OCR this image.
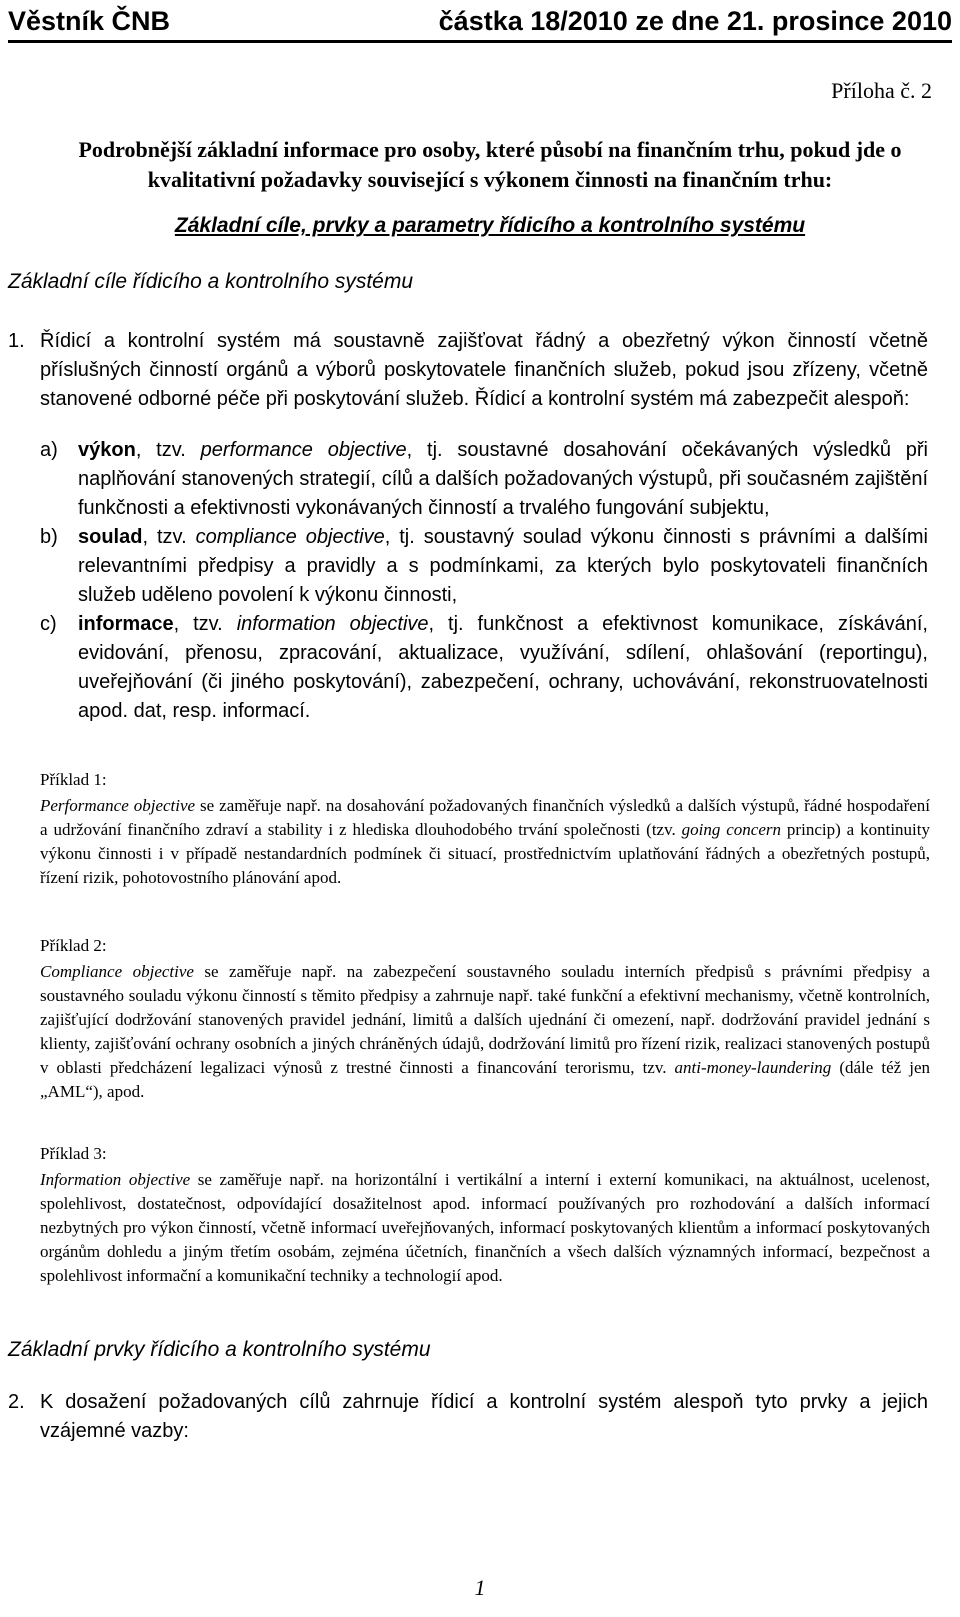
Věstník ČNB	částka 18/2010 ze dne 21. prosince 2010
Příloha č. 2
Podrobnější základní informace pro osoby, které působí na finančním trhu, pokud jde o kvalitativní požadavky související s výkonem činnosti na finančním trhu:
Základní cíle, prvky a parametry řídicího a kontrolního systému
Základní cíle řídicího a kontrolního systému
1. Řídicí a kontrolní systém má soustavně zajišťovat řádný a obezřetný výkon činností včetně příslušných činností orgánů a výborů poskytovatele finančních služeb, pokud jsou zřízeny, včetně stanovené odborné péče při poskytování služeb. Řídicí a kontrolní systém má zabezpečit alespoň:
a) výkon, tzv. performance objective, tj. soustavné dosahování očekávaných výsledků při naplňování stanovených strategií, cílů a dalších požadovaných výstupů, při současném zajištění funkčnosti a efektivnosti vykonávaných činností a trvalého fungování subjektu,
b) soulad, tzv. compliance objective, tj. soustavný soulad výkonu činnosti s právními a dalšími relevantními předpisy a pravidly a s podmínkami, za kterých bylo poskytovateli finančních služeb uděleno povolení k výkonu činnosti,
c) informace, tzv. information objective, tj. funkčnost a efektivnost komunikace, získávání, evidování, přenosu, zpracování, aktualizace, využívání, sdílení, ohlašování (reportingu), uveřejňování (či jiného poskytování), zabezpečení, ochrany, uchovávání, rekonstruovatelnosti apod. dat, resp. informací.
Příklad 1:
Performance objective se zaměřuje např. na dosahování požadovaných finančních výsledků a dalších výstupů, řádné hospodaření a udržování finančního zdraví a stability i z hlediska dlouhodobého trvání společnosti (tzv. going concern princip) a kontinuity výkonu činnosti i v případě nestandardních podmínek či situací, prostřednictvím uplatňování řádných a obezřetných postupů, řízení rizik, pohotovostního plánování apod.
Příklad 2:
Compliance objective se zaměřuje např. na zabezpečení soustavného souladu interních předpisů s právními předpisy a soustavného souladu výkonu činností s těmito předpisy a zahrnuje např. také funkční a efektivní mechanismy, včetně kontrolních, zajišťující dodržování stanovených pravidel jednání, limitů a dalších ujednání či omezení, např. dodržování pravidel jednání s klienty, zajišťování ochrany osobních a jiných chráněných údajů, dodržování limitů pro řízení rizik, realizaci stanovených postupů v oblasti předcházení legalizaci výnosů z trestné činnosti a financování terorismu, tzv. anti-money-laundering (dále též jen „AML“), apod.
Příklad 3:
Information objective se zaměřuje např. na horizontální i vertikální a interní i externí komunikaci, na aktuálnost, ucelenost, spolehlivost, dostatečnost, odpovídající dosažitelnost apod. informací používaných pro rozhodování a dalších informací nezbytných pro výkon činností, včetně informací uveřejňovaných, informací poskytovaných klientům a informací poskytovaných orgánům dohledu a jiným třetím osobám, zejména účetních, finančních a všech dalších významných informací, bezpečnost a spolehlivost informační a komunikační techniky a technologií apod.
Základní prvky řídicího a kontrolního systému
2. K dosažení požadovaných cílů zahrnuje řídicí a kontrolní systém alespoň tyto prvky a jejich vzájemné vazby:
1
